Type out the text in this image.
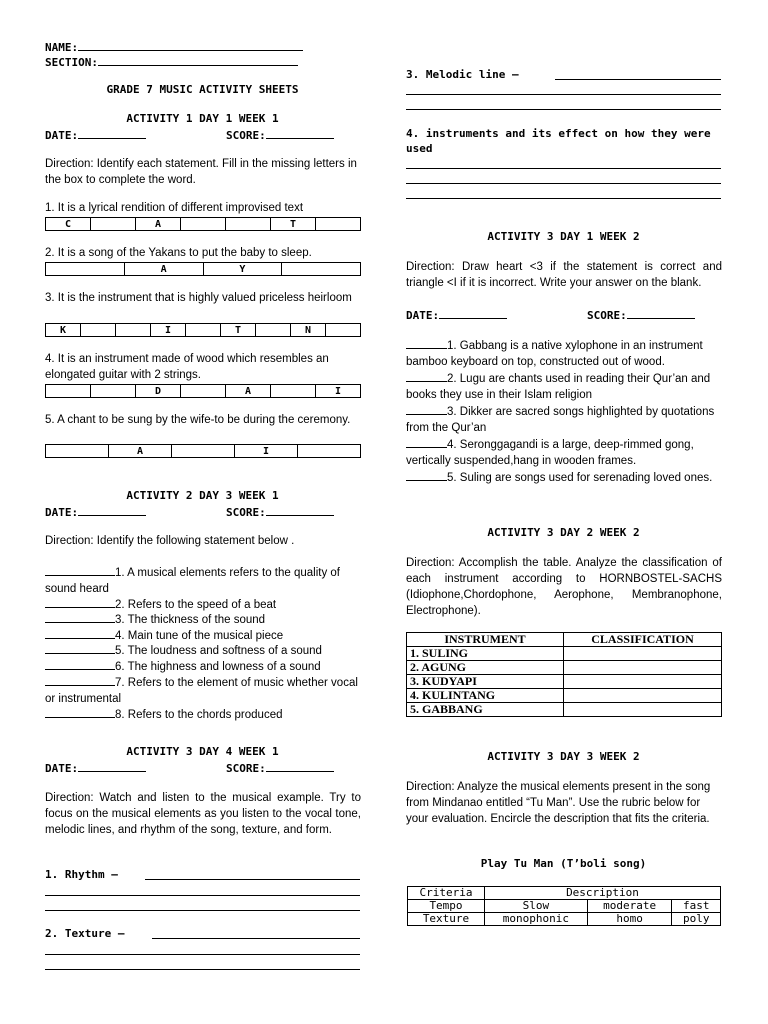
NAME:
SECTION:
GRADE 7 MUSIC ACTIVITY SHEETS
ACTIVITY 1 DAY 1 WEEK 1
DATE:	SCORE:
Direction: Identify each statement. Fill in the missing letters in the box to complete the word.
1. It is a lyrical rendition of different improvised text
C		A			T	
2. It is a song of the Yakans to put the baby to sleep.
	A	Y	
3. It is the instrument that is highly valued priceless heirloom
K			I		T		N	
4. It is an instrument made of wood which resembles an elongated guitar with 2 strings.
		D		A		I
5. A chant to be sung by the wife-to be during the ceremony.
	A		I	
ACTIVITY 2 DAY 3 WEEK 1
DATE:	SCORE:
Direction: Identify the following statement below .
1. A musical elements refers to the quality of sound heard
2. Refers to the speed of a beat
3. The thickness of the sound
4. Main tune of the musical piece
5. The loudness and softness of a sound
6. The highness and lowness of a sound
7. Refers to the element of music whether vocal or instrumental
8. Refers to the chords produced
ACTIVITY 3 DAY 4 WEEK 1
DATE:	SCORE:
Direction: Watch and listen to the musical example. Try to focus on the musical elements as you listen to the vocal tone, melodic lines, and rhythm of the song, texture, and form.
1. Rhythm –
2. Texture –
3. Melodic line –
4. instruments and its effect on how they were used
ACTIVITY 3 DAY 1 WEEK 2
Direction: Draw heart <3 if the statement is correct and triangle <I if it is incorrect. Write your answer on the blank.
DATE:	SCORE:
1. Gabbang is a native xylophone in an instrument bamboo keyboard on top, constructed out of wood.
2. Lugu are chants used in reading their Qur’an and books they use in their Islam religion
3. Dikker are sacred songs highlighted by quotations from the Qur’an
4. Seronggagandi is a large, deep-rimmed gong, vertically suspended,hang in wooden frames.
5. Suling are songs used for serenading loved ones.
ACTIVITY 3 DAY 2 WEEK 2
Direction: Accomplish the table. Analyze the classification of each instrument according to HORNBOSTEL-SACHS (Idiophone,Chordophone, Aerophone, Membranophone, Electrophone).
INSTRUMENT	CLASSIFICATION
1. SULING	
2. AGUNG	
3. KUDYAPI	
4. KULINTANG	
5. GABBANG	
ACTIVITY 3 DAY 3 WEEK 2
Direction: Analyze the musical elements present in the song from Mindanao entitled “Tu Man”. Use the rubric below for your evaluation. Encircle the description that fits the criteria.
Play Tu Man (T’boli song)
Criteria	Description		
Tempo	Slow	moderate	fast
Texture	monophonic	homo	poly
